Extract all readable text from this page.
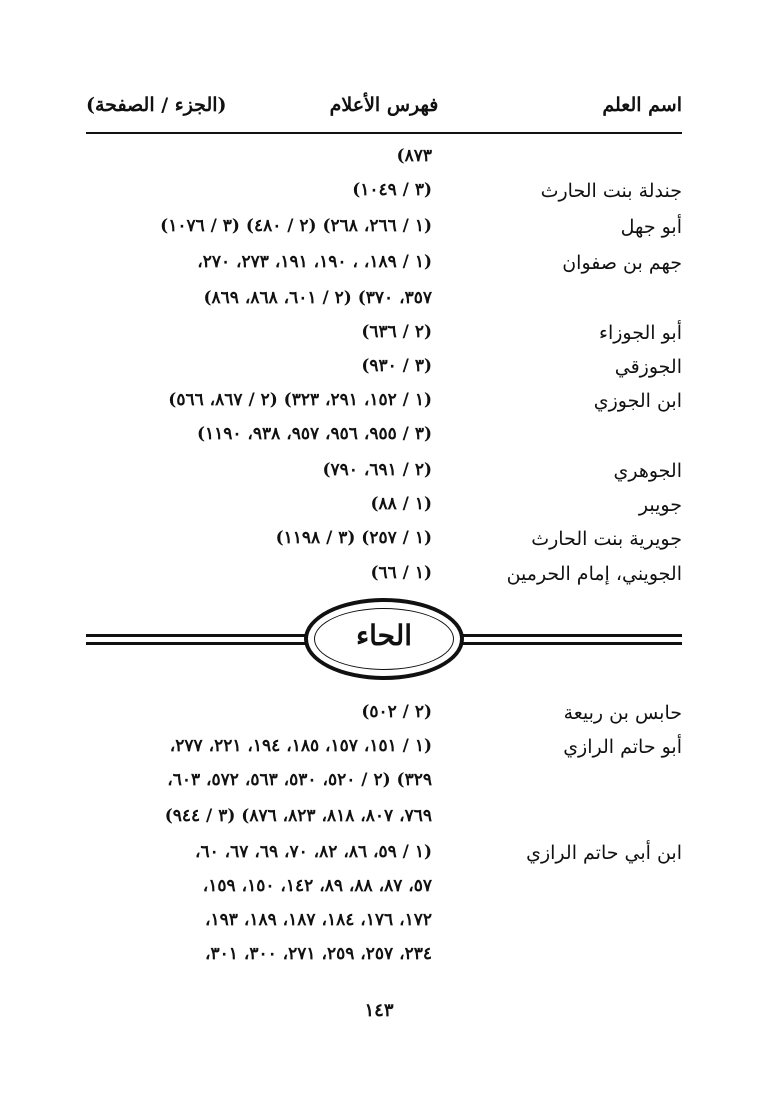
اسم العلم
فهرس الأعلام
(الجزء / الصفحة)
٨٧٣)
جندلة بنت الحارث
(٣ / ١٠٤٩)
أبو جهل
(١ / ٢٦٦، ٢٦٨) (٢ / ٤٨٠) (٣ / ١٠٧٦)
جهم بن صفوان
(١ / ١٨٩، ، ١٩٠، ١٩١، ٢٧٣، ٢٧٠،
٣٥٧، ٣٧٠) (٢ / ٦٠١، ٨٦٨، ٨٦٩)
أبو الجوزاء
(٢ / ٦٣٦)
الجوزقي
(٣ / ٩٣٠)
ابن الجوزي
(١ / ١٥٢، ٢٩١، ٣٢٣) (٢ / ٨٦٧، ٥٦٦)
(٣ / ٩٥٥، ٩٥٦، ٩٥٧، ٩٣٨، ١١٩٠)
الجوهري
(٢ / ٦٩١، ٧٩٠)
جويبر
(١ / ٨٨)
جويرية بنت الحارث
(١ / ٢٥٧) (٣ / ١١٩٨)
الجويني، إمام الحرمين
(١ / ٦٦)
الحاء
حابس بن ربيعة
(٢ / ٥٠٢)
أبو حاتم الرازي
(١ / ١٥١، ١٥٧، ١٨٥، ١٩٤، ٢٢١، ٢٧٧،
٣٢٩) (٢ / ٥٢٠، ٥٣٠، ٥٦٣، ٥٧٢، ٦٠٣،
٧٦٩، ٨٠٧، ٨١٨، ٨٢٣، ٨٧٦) (٣ / ٩٤٤)
ابن أبي حاتم الرازي
(١ / ٥٩، ٨٦، ٨٢، ٧٠، ٦٩، ٦٧، ٦٠،
٥٧، ٨٧، ٨٨، ٨٩، ١٤٢، ١٥٠، ١٥٩،
١٧٢، ١٧٦، ١٨٤، ١٨٧، ١٨٩، ١٩٣،
٢٣٤، ٢٥٧، ٢٥٩، ٢٧١، ٣٠٠، ٣٠١،
١٤٣
